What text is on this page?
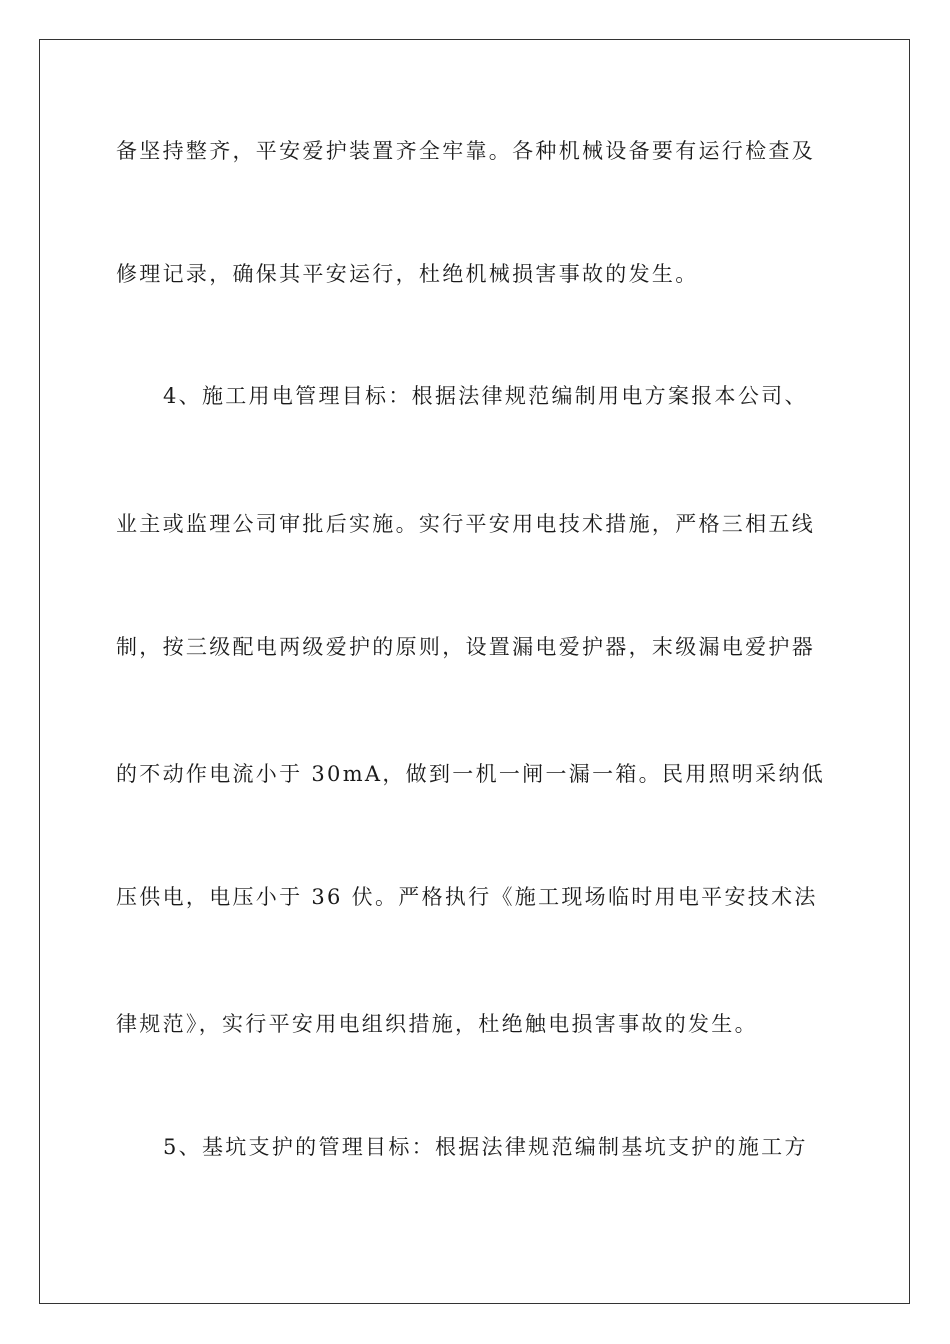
备坚持整齐，平安爱护装置齐全牢靠。各种机械设备要有运行检查及
修理记录，确保其平安运行，杜绝机械损害事故的发生。
4、施工用电管理目标：根据法律规范编制用电方案报本公司、
业主或监理公司审批后实施。实行平安用电技术措施，严格三相五线
制，按三级配电两级爱护的原则，设置漏电爱护器，末级漏电爱护器
的不动作电流小于 30mA，做到一机一闸一漏一箱。民用照明采纳低
压供电，电压小于 36 伏。严格执行《施工现场临时用电平安技术法
律规范》，实行平安用电组织措施，杜绝触电损害事故的发生。
5、基坑支护的管理目标：根据法律规范编制基坑支护的施工方
